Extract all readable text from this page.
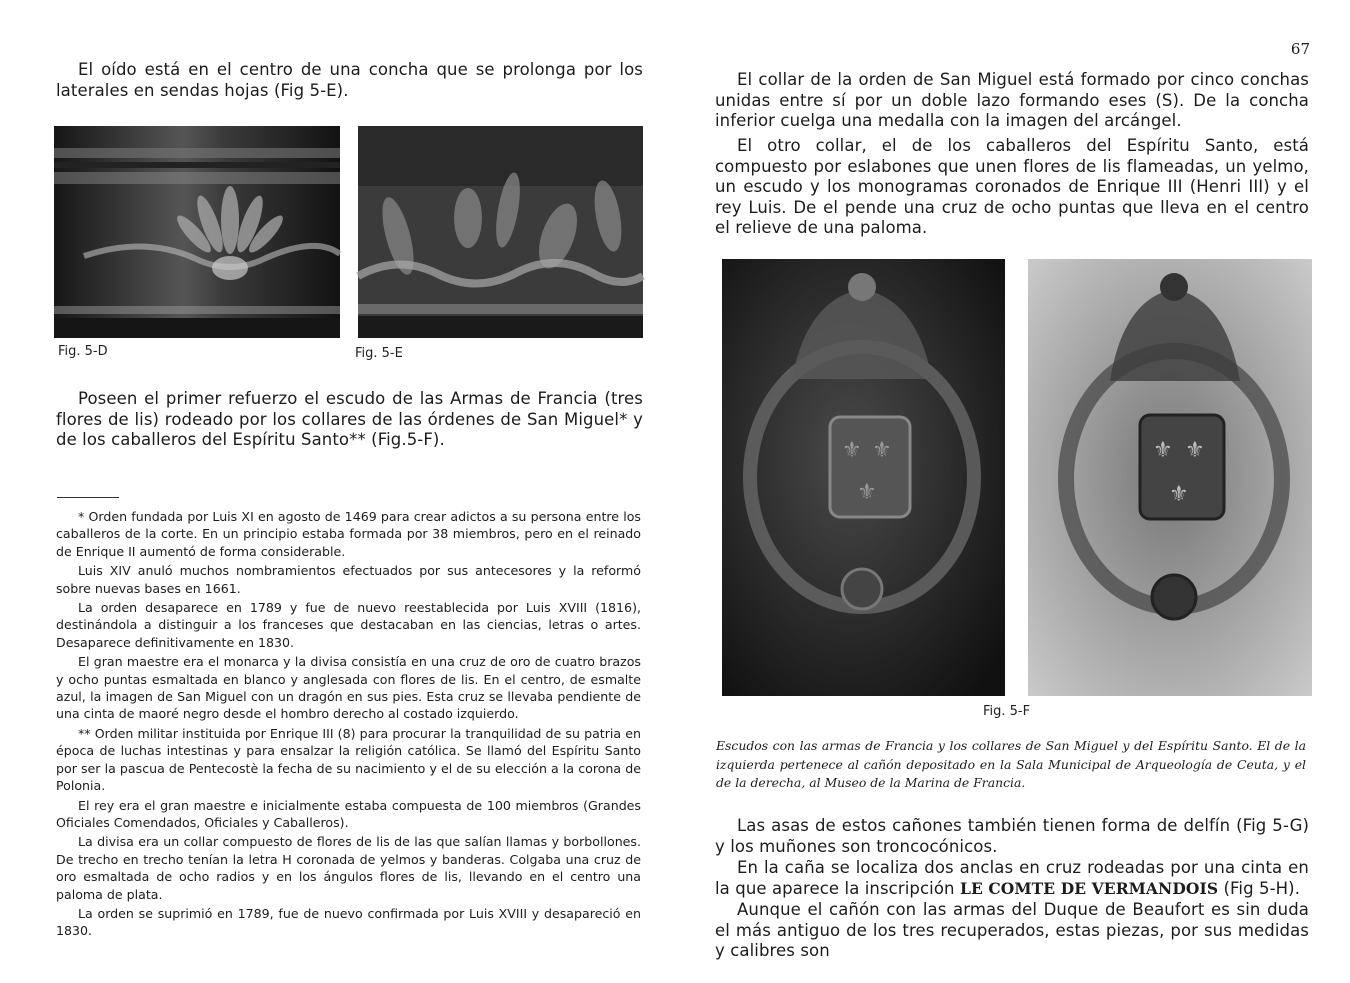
El oído está en el centro de una concha que se prolonga por los laterales en sendas hojas (Fig 5-E).

Fig. 5-D	Fig. 5-E

Poseen el primer refuerzo el escudo de las Armas de Francia (tres flores de lis) rodeado por los collares de las órdenes de San Miguel* y de los caballeros del Espíritu Santo** (Fig.5-F).

* Orden fundada por Luis XI en agosto de 1469 para crear adictos a su persona entre los caballeros de la corte. En un principio estaba formada por 38 miembros, pero en el reinado de Enrique II aumentó de forma considerable.

Luis XIV anuló muchos nombramientos efectuados por sus antecesores y la reformó sobre nuevas bases en 1661.

La orden desaparece en 1789 y fue de nuevo reestablecida por Luis XVIII (1816), destinándola a distinguir a los franceses que destacaban en las ciencias, letras o artes. Desaparece definitivamente en 1830.

El gran maestre era el monarca y la divisa consistía en una cruz de oro de cuatro brazos y ocho puntas esmaltada en blanco y anglesada con flores de lis. En el centro, de esmalte azul, la imagen de San Miguel con un dragón en sus pies. Esta cruz se llevaba pendiente de una cinta de maoré negro desde el hombro derecho al costado izquierdo.

** Orden militar instituida por Enrique III (8) para procurar la tranquilidad de su patria en época de luchas intestinas y para ensalzar la religión católica. Se llamó del Espíritu Santo por ser la pascua de Pentecostè la fecha de su nacimiento y el de su elección a la corona de Polonia.

El rey era el gran maestre e inicialmente estaba compuesta de 100 miembros (Grandes Oficiales Comendados, Oficiales y Caballeros).

La divisa era un collar compuesto de flores de lis de las que salían llamas y borbollones. De trecho en trecho tenían la letra H coronada de yelmos y banderas. Colgaba una cruz de oro esmaltada de ocho radios y en los ángulos flores de lis, llevando en el centro una paloma de plata.

La orden se suprimió en 1789, fue de nuevo confirmada por Luis XVIII y desapareció en 1830.

67

El collar de la orden de San Miguel está formado por cinco conchas unidas entre sí por un doble lazo formando eses (S). De la concha inferior cuelga una medalla con la imagen del arcángel.

El otro collar, el de los caballeros del Espíritu Santo, está compuesto por eslabones que unen flores de lis flameadas, un yelmo, un escudo y los monogramas coronados de Enrique III (Henri III) y el rey Luis. De el pende una cruz de ocho puntas que lleva en el centro el relieve de una paloma.

⚜ ⚜
⚜
⚜ ⚜
⚜
Fig. 5-F
Escudos con las armas de Francia y los collares de San Miguel y del Espíritu Santo. El de la izquierda pertenece al cañón depositado en la Sala Municipal de Arqueología de Ceuta, y el de la derecha, al Museo de la Marina de Francia.

Las asas de estos cañones también tienen forma de delfín (Fig 5-G) y los muñones son troncocónicos.

En la caña se localiza dos anclas en cruz rodeadas por una cinta en la que aparece la inscripción LE COMTE DE VERMANDOIS (Fig 5-H).

Aunque el cañón con las armas del Duque de Beaufort es sin duda el más antiguo de los tres recuperados, estas piezas, por sus medidas y calibres son
